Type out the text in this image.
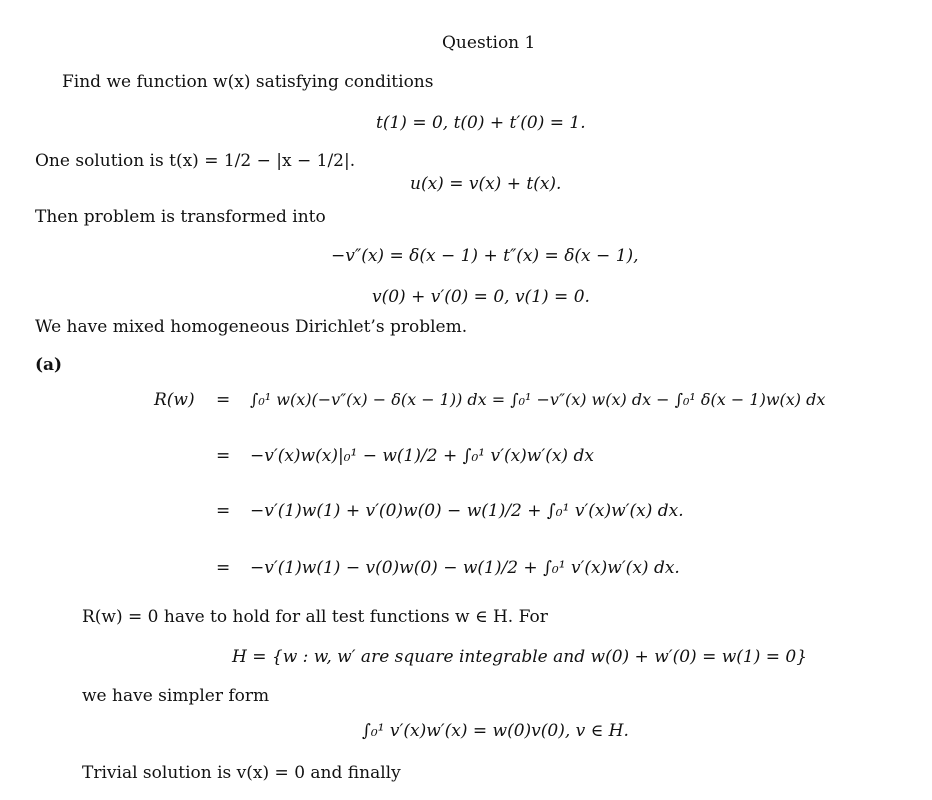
Question 1
Find we function w(x) satisfying conditions
t(1) = 0, t(0) + t′(0) = 1.
One solution is t(x) = 1/2 − |x − 1/2|.
u(x) = v(x) + t(x).
Then problem is transformed into
−v″(x) = δ(x − 1) + t″(x) = δ(x − 1),
v(0) + v′(0) = 0, v(1) = 0.
We have mixed homogeneous Dirichlet’s problem.
(a)
R(w) = ∫₀¹ w(x)(−v″(x) − δ(x − 1)) dx = ∫₀¹ −v″(x) w(x) dx − ∫₀¹ δ(x − 1)w(x) dx
= −v′(x)w(x)|₀¹ − w(1)/2 + ∫₀¹ v′(x)w′(x) dx
= −v′(1)w(1) + v′(0)w(0) − w(1)/2 + ∫₀¹ v′(x)w′(x) dx.
= −v′(1)w(1) − v(0)w(0) − w(1)/2 + ∫₀¹ v′(x)w′(x) dx.
R(w) = 0 have to hold for all test functions w ∈ H. For
H = {w : w, w′ are square integrable and w(0) + w′(0) = w(1) = 0}
we have simpler form
∫₀¹ v′(x)w′(x) = w(0)v(0), v ∈ H.
Trivial solution is v(x) = 0 and finally
